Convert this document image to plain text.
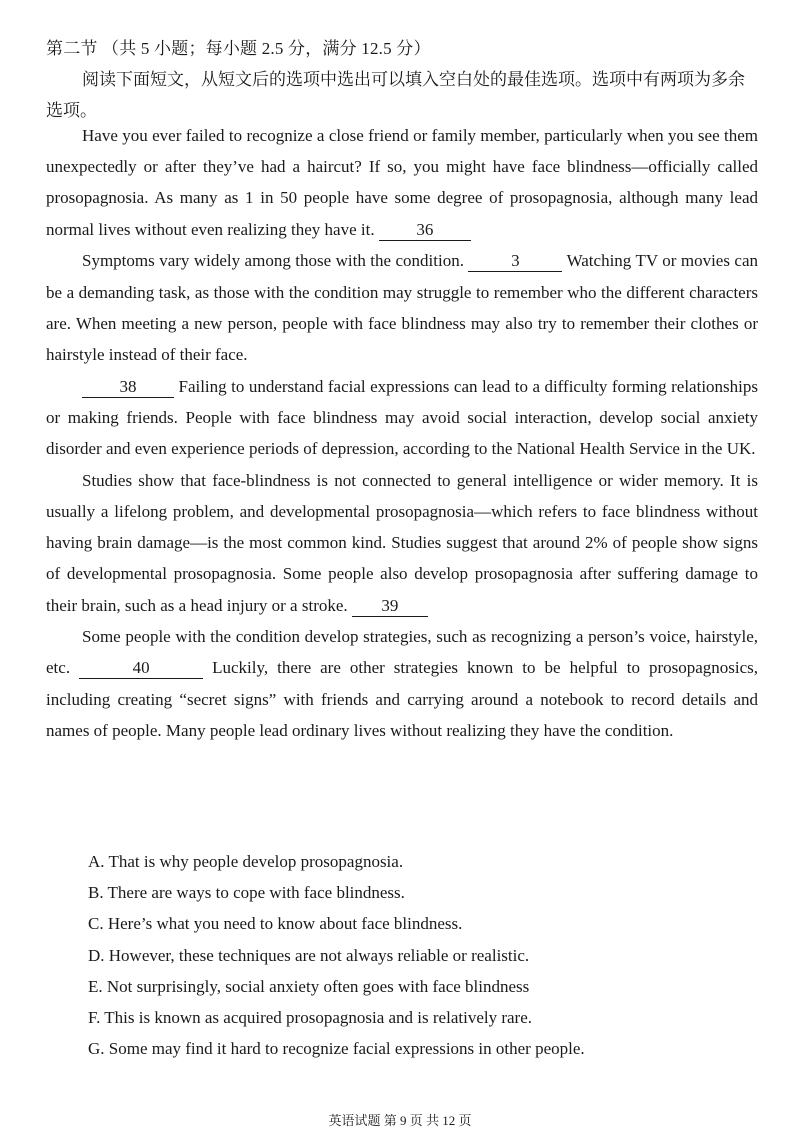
第二节 （共 5 小题；每小题 2.5 分，满分 12.5 分）
阅读下面短文，从短文后的选项中选出可以填入空白处的最佳选项。选项中有两项为多余选项。

Have you ever failed to recognize a close friend or family member, particularly when you see them unexpectedly or after they’ve had a haircut? If so, you might have face blindness—officially called prosopagnosia. As many as 1 in 50 people have some degree of prosopagnosia, although many lead normal lives without even realizing they have it. 36

Symptoms vary widely among those with the condition.	3	Watching TV or movies can be a demanding task, as those with the condition may struggle to remember who the different characters are. When meeting a new person, people with face blindness may also try to remember their clothes or hairstyle instead of their face.

38 Failing to understand facial expressions can lead to a difficulty forming relationships or making friends. People with face blindness may avoid social interaction, develop social anxiety disorder and even experience periods of depression, according to the National Health Service in the UK.

Studies show that face-blindness is not connected to general intelligence or wider memory. It is usually a lifelong problem, and developmental prosopagnosia—which refers to face blindness without having brain damage—is the most common kind. Studies suggest that around 2% of people show signs of developmental prosopagnosia. Some people also develop prosopagnosia after suffering damage to their brain, such as a head injury or a stroke. 39

Some people with the condition develop strategies, such as recognizing a person’s voice, hairstyle, etc.	40	Luckily, there are other strategies known to be helpful to prosopagnosics, including creating “secret signs” with friends and carrying around a notebook to record details and names of people. Many people lead ordinary lives without realizing they have the condition.

A. That is why people develop prosopagnosia.
B. There are ways to cope with face blindness.
C. Here’s what you need to know about face blindness.
D. However, these techniques are not always reliable or realistic.
E. Not surprisingly, social anxiety often goes with face blindness
F. This is known as acquired prosopagnosia and is relatively rare.
G. Some may find it hard to recognize facial expressions in other people.
英语试题 第 9 页 共 12 页
